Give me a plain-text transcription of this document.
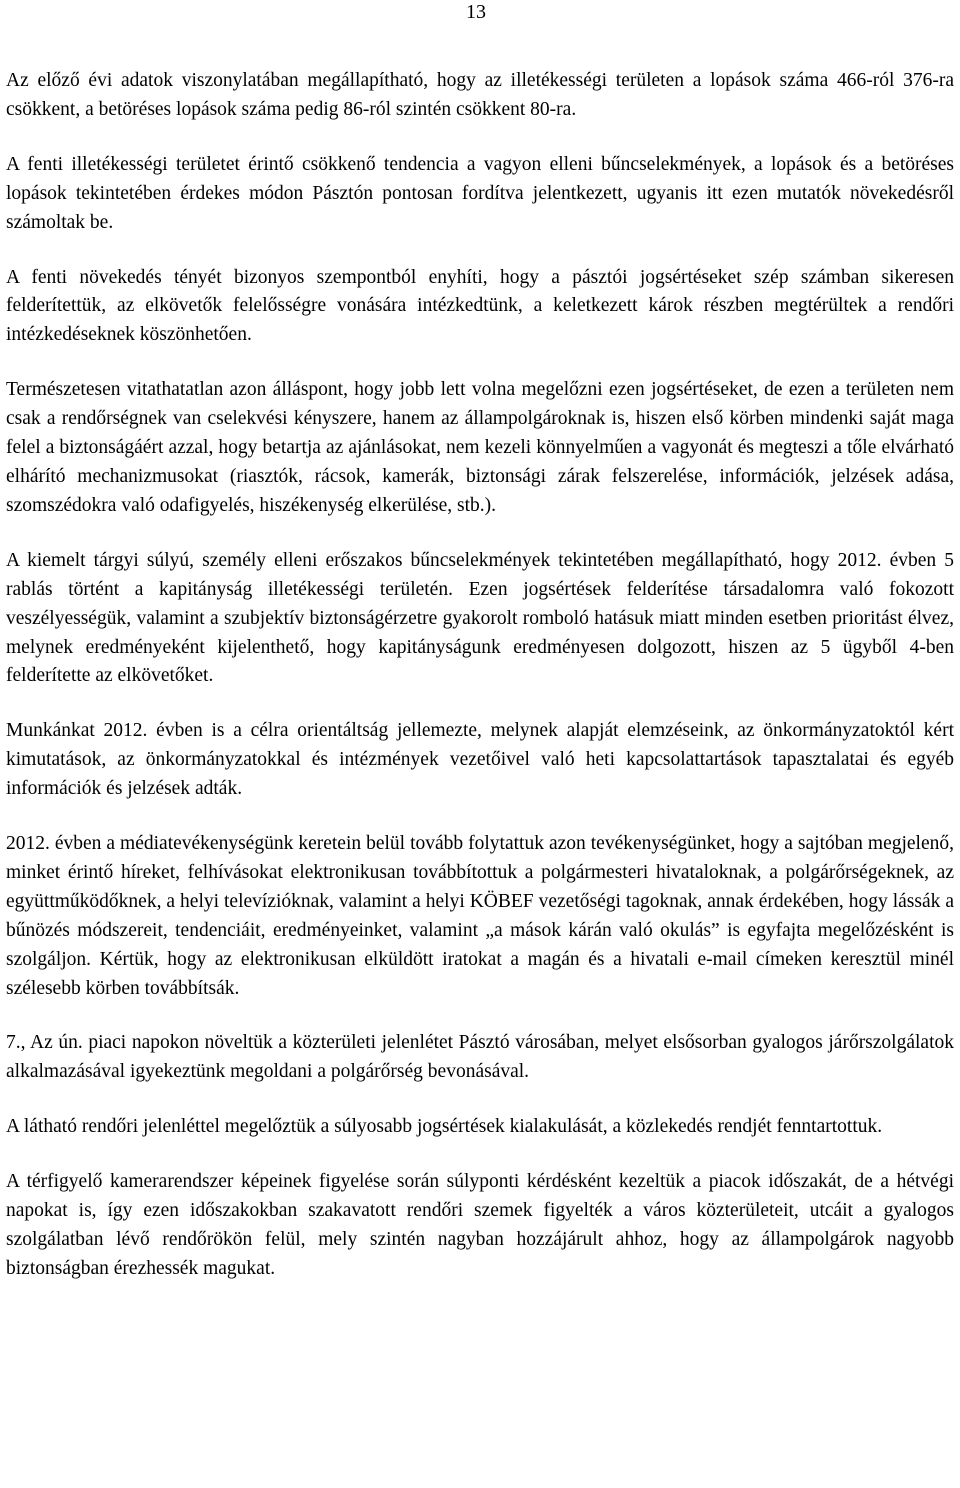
13

Az előző évi adatok viszonylatában megállapítható, hogy az illetékességi területen a lopások száma 466-ról 376-ra csökkent, a betöréses lopások száma pedig 86-ról szintén csökkent 80-ra.

A fenti illetékességi területet érintő csökkenő tendencia a vagyon elleni bűncselekmények, a lopások és a betöréses lopások tekintetében érdekes módon Pásztón pontosan fordítva jelentkezett, ugyanis itt ezen mutatók növekedésről számoltak be.

A fenti növekedés tényét bizonyos szempontból enyhíti, hogy a pásztói jogsértéseket szép számban sikeresen felderítettük, az elkövetők felelősségre vonására intézkedtünk, a keletkezett károk részben megtérültek a rendőri intézkedéseknek köszönhetően.

Természetesen vitathatatlan azon álláspont, hogy jobb lett volna megelőzni ezen jogsértéseket, de ezen a területen nem csak a rendőrségnek van cselekvési kényszere, hanem az állampolgároknak is, hiszen első körben mindenki saját maga felel a biztonságáért azzal, hogy betartja az ajánlásokat, nem kezeli könnyelműen a vagyonát és megteszi a tőle elvárható elhárító mechanizmusokat (riasztók, rácsok, kamerák, biztonsági zárak felszerelése, információk, jelzések adása, szomszédokra való odafigyelés, hiszékenység elkerülése, stb.).

A kiemelt tárgyi súlyú, személy elleni erőszakos bűncselekmények tekintetében megállapítható, hogy 2012. évben 5 rablás történt a kapitányság illetékességi területén. Ezen jogsértések felderítése társadalomra való fokozott veszélyességük, valamint a szubjektív biztonságérzetre gyakorolt romboló hatásuk miatt minden esetben prioritást élvez, melynek eredményeként kijelenthető, hogy kapitányságunk eredményesen dolgozott, hiszen az 5 ügyből 4-ben felderítette az elkövetőket.

Munkánkat 2012. évben is a célra orientáltság jellemezte, melynek alapját elemzéseink, az önkormányzatoktól kért kimutatások, az önkormányzatokkal és intézmények vezetőivel való heti kapcsolattartások tapasztalatai és egyéb információk és jelzések adták.

2012. évben a médiatevékenységünk keretein belül tovább folytattuk azon tevékenységünket, hogy a sajtóban megjelenő, minket érintő híreket, felhívásokat elektronikusan továbbítottuk a polgármesteri hivataloknak, a polgárőrségeknek, az együttműködőknek, a helyi televízióknak, valamint a helyi KÖBEF vezetőségi tagoknak, annak érdekében, hogy lássák a bűnözés módszereit, tendenciáit, eredményeinket, valamint „a mások kárán való okulás” is egyfajta megelőzésként is szolgáljon. Kértük, hogy az elektronikusan elküldött iratokat a magán és a hivatali e-mail címeken keresztül minél szélesebb körben továbbítsák.

7., Az ún. piaci napokon növeltük a közterületi jelenlétet Pásztó városában, melyet elsősorban gyalogos járőrszolgálatok alkalmazásával igyekeztünk megoldani a polgárőrség bevonásával.

A látható rendőri jelenléttel megelőztük a súlyosabb jogsértések kialakulását, a közlekedés rendjét fenntartottuk.

A térfigyelő kamerarendszer képeinek figyelése során súlyponti kérdésként kezeltük a piacok időszakát, de a hétvégi napokat is, így ezen időszakokban szakavatott rendőri szemek figyelték a város közterületeit, utcáit a gyalogos szolgálatban lévő rendőrökön felül, mely szintén nagyban hozzájárult ahhoz, hogy az állampolgárok nagyobb biztonságban érezhessék magukat.
